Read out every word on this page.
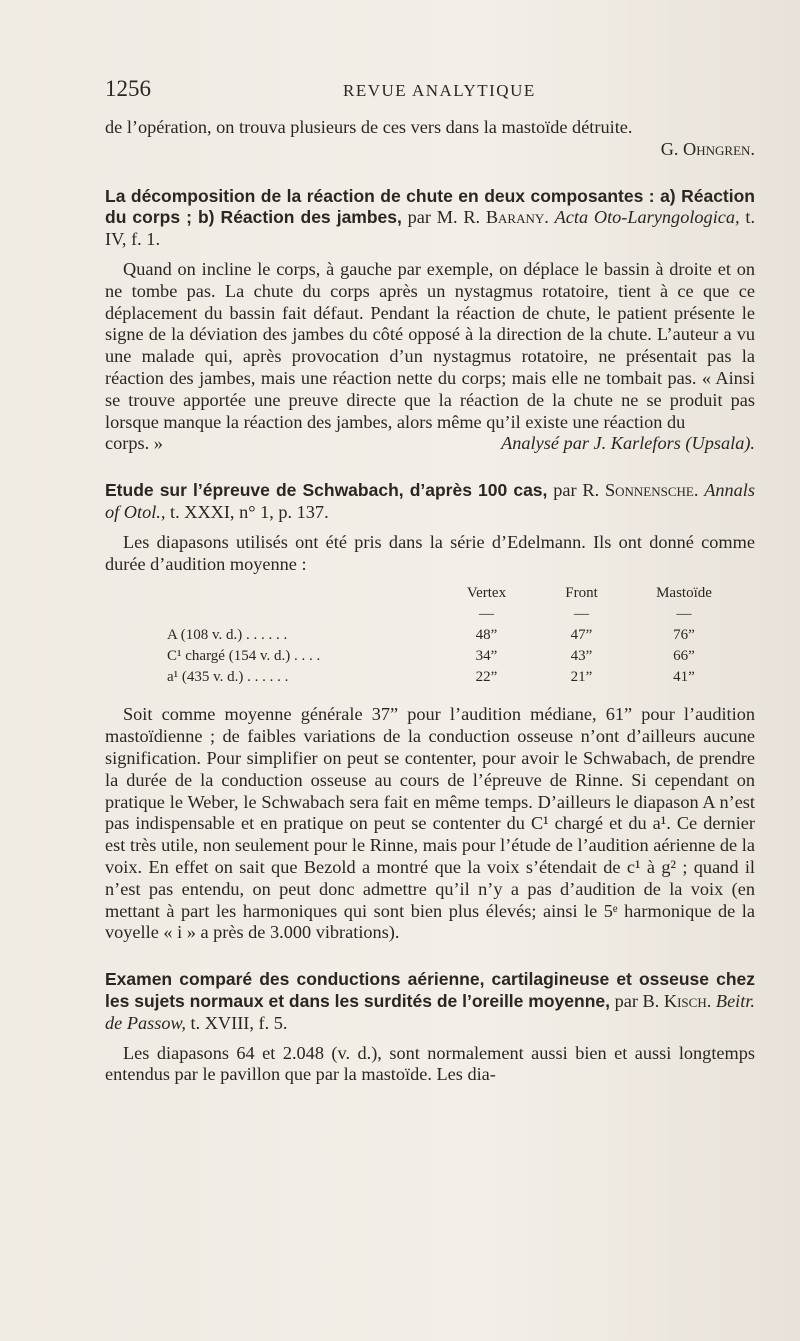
1256	REVUE ANALYTIQUE

de l’opération, on trouva plusieurs de ces vers dans la mastoïde détruite.

G. Ohngren.

La décomposition de la réaction de chute en deux composantes : a) Réaction du corps ; b) Réaction des jambes, par M. R. Barany. Acta Oto-Laryngologica, t. IV, f. 1.

Quand on incline le corps, à gauche par exemple, on déplace le bassin à droite et on ne tombe pas. La chute du corps après un nystagmus rotatoire, tient à ce que ce déplacement du bassin fait défaut. Pendant la réaction de chute, le patient présente le signe de la déviation des jambes du côté opposé à la direction de la chute. L’auteur a vu une malade qui, après provocation d’un nystagmus rotatoire, ne présentait pas la réaction des jambes, mais une réaction nette du corps; mais elle ne tombait pas. « Ainsi se trouve apportée une preuve directe que la réaction de la chute ne se produit pas lorsque manque la réaction des jambes, alors même qu’il existe une réaction du

corps. »	Analysé par J. Karlefors (Upsala).

Etude sur l’épreuve de Schwabach, d’après 100 cas, par R. Sonnensche. Annals of Otol., t. XXXI, n° 1, p. 137.

Les diapasons utilisés ont été pris dans la série d’Edelmann. Ils ont donné comme durée d’audition moyenne :

	Vertex	Front	Mastoïde
	—	—	—
A (108 v. d.) . . . . . .	48”	47”	76”
C¹ chargé (154 v. d.) . . . .	34”	43”	66”
a¹ (435 v. d.) . . . . . .	22”	21”	41”

Soit comme moyenne générale 37” pour l’audition médiane, 61” pour l’audition mastoïdienne ; de faibles variations de la conduction osseuse n’ont d’ailleurs aucune signification. Pour simplifier on peut se contenter, pour avoir le Schwabach, de prendre la durée de la conduction osseuse au cours de l’épreuve de Rinne. Si cependant on pratique le Weber, le Schwabach sera fait en même temps. D’ailleurs le diapason A n’est pas indispensable et en pratique on peut se contenter du C¹ chargé et du a¹. Ce dernier est très utile, non seulement pour le Rinne, mais pour l’étude de l’audition aérienne de la voix. En effet on sait que Bezold a montré que la voix s’étendait de c¹ à g² ; quand il n’est pas entendu, on peut donc admettre qu’il n’y a pas d’audition de la voix (en mettant à part les harmoniques qui sont bien plus élevés; ainsi le 5ᵉ harmonique de la voyelle « i » a près de 3.000 vibrations).

Examen comparé des conductions aérienne, cartilagineuse et osseuse chez les sujets normaux et dans les surdités de l’oreille moyenne, par B. Kisch. Beitr. de Passow, t. XVIII, f. 5.

Les diapasons 64 et 2.048 (v. d.), sont normalement aussi bien et aussi longtemps entendus par le pavillon que par la mastoïde. Les dia-
